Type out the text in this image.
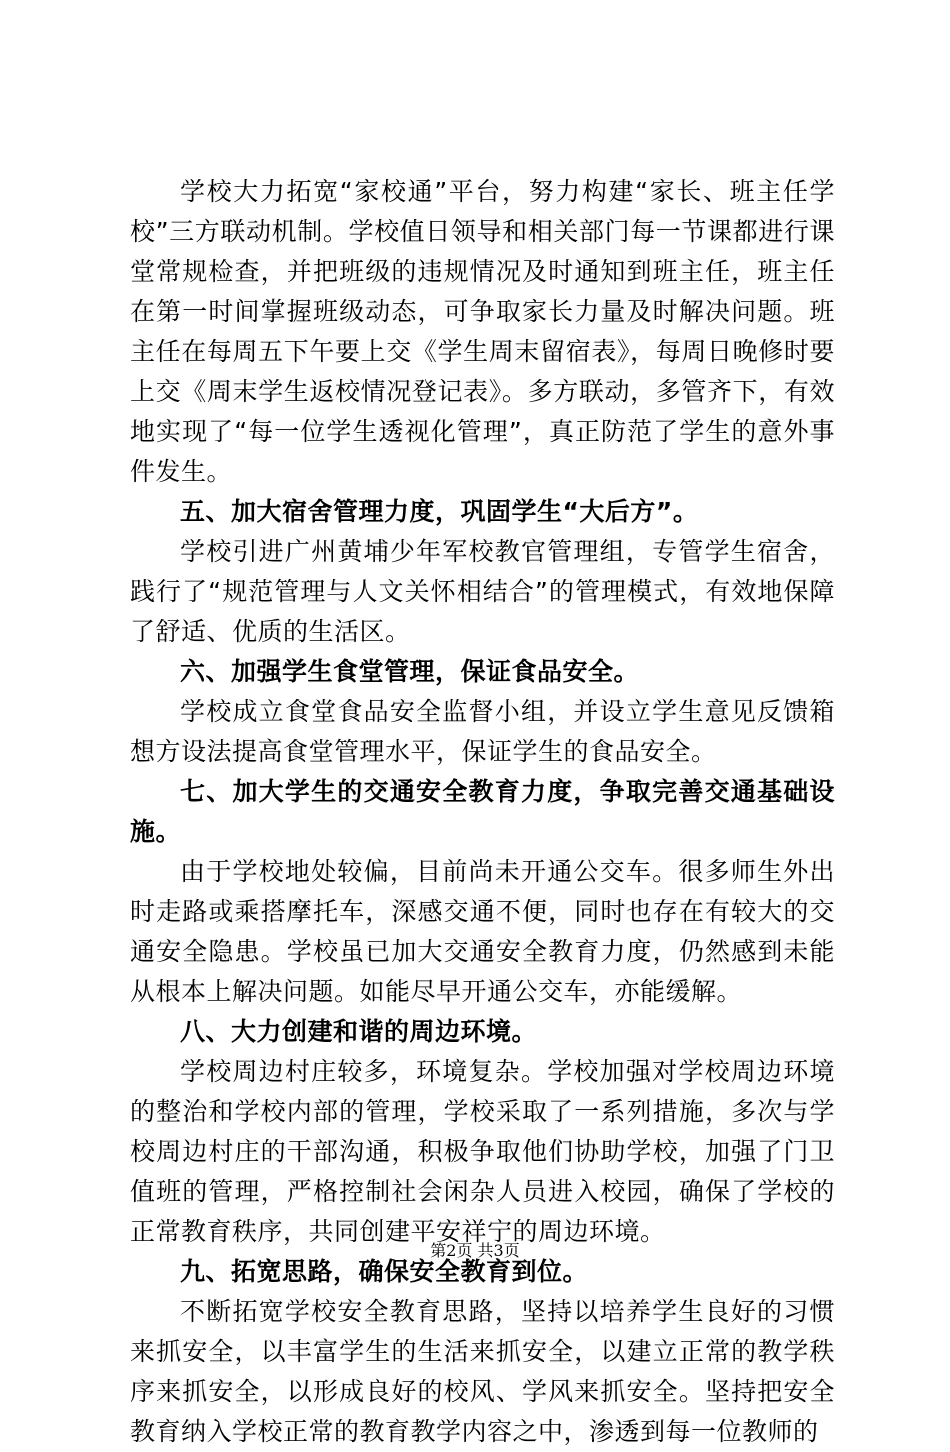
学校大力拓宽“家校通”平台，努力构建“家长、班主任学校”三方联动机制。学校值日领导和相关部门每一节课都进行课堂常规检查，并把班级的违规情况及时通知到班主任，班主任在第一时间掌握班级动态，可争取家长力量及时解决问题。班主任在每周五下午要上交《学生周末留宿表》，每周日晚修时要上交《周末学生返校情况登记表》。多方联动，多管齐下，有效地实现了“每一位学生透视化管理”，真正防范了学生的意外事件发生。

五、加大宿舍管理力度，巩固学生“大后方”。

学校引进广州黄埔少年军校教官管理组，专管学生宿舍，践行了“规范管理与人文关怀相结合”的管理模式，有效地保障了舒适、优质的生活区。

六、加强学生食堂管理，保证食品安全。

学校成立食堂食品安全监督小组，并设立学生意见反馈箱想方设法提高食堂管理水平，保证学生的食品安全。

七、加大学生的交通安全教育力度，争取完善交通基础设施。

由于学校地处较偏，目前尚未开通公交车。很多师生外出时走路或乘搭摩托车，深感交通不便，同时也存在有较大的交通安全隐患。学校虽已加大交通安全教育力度，仍然感到未能从根本上解决问题。如能尽早开通公交车，亦能缓解。

八、大力创建和谐的周边环境。

学校周边村庄较多，环境复杂。学校加强对学校周边环境的整治和学校内部的管理，学校采取了一系列措施，多次与学校周边村庄的干部沟通，积极争取他们协助学校，加强了门卫值班的管理，严格控制社会闲杂人员进入校园，确保了学校的正常教育秩序，共同创建平安祥宁的周边环境。

九、拓宽思路，确保安全教育到位。

不断拓宽学校安全教育思路，坚持以培养学生良好的习惯来抓安全，以丰富学生的生活来抓安全，以建立正常的教学秩序来抓安全，以形成良好的校风、学风来抓安全。坚持把安全教育纳入学校正常的教育教学内容之中，渗透到每一位教师的

第2页 共3页
